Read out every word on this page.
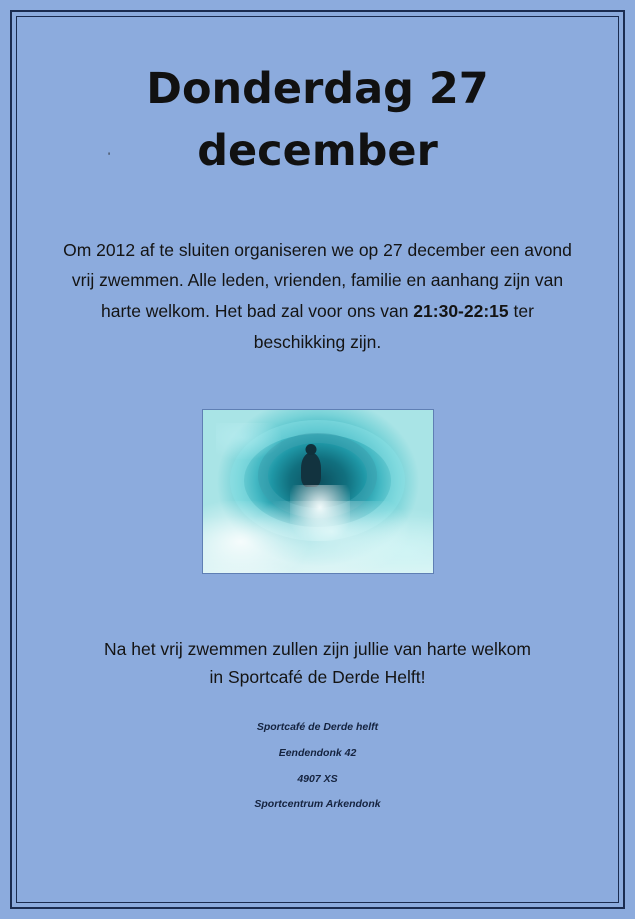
Donderdag 27
december
'

Om 2012 af te sluiten organiseren we op 27 december een avond vrij zwemmen. Alle leden, vrienden, familie en aanhang zijn van harte welkom. Het bad zal voor ons van 21:30-22:15 ter beschikking zijn.

Na het vrij zwemmen zullen zijn jullie van harte welkom
in Sportcafé de Derde Helft!

Sportcafé de Derde helft
Eendendonk 42
4907 XS
Sportcentrum Arkendonk
